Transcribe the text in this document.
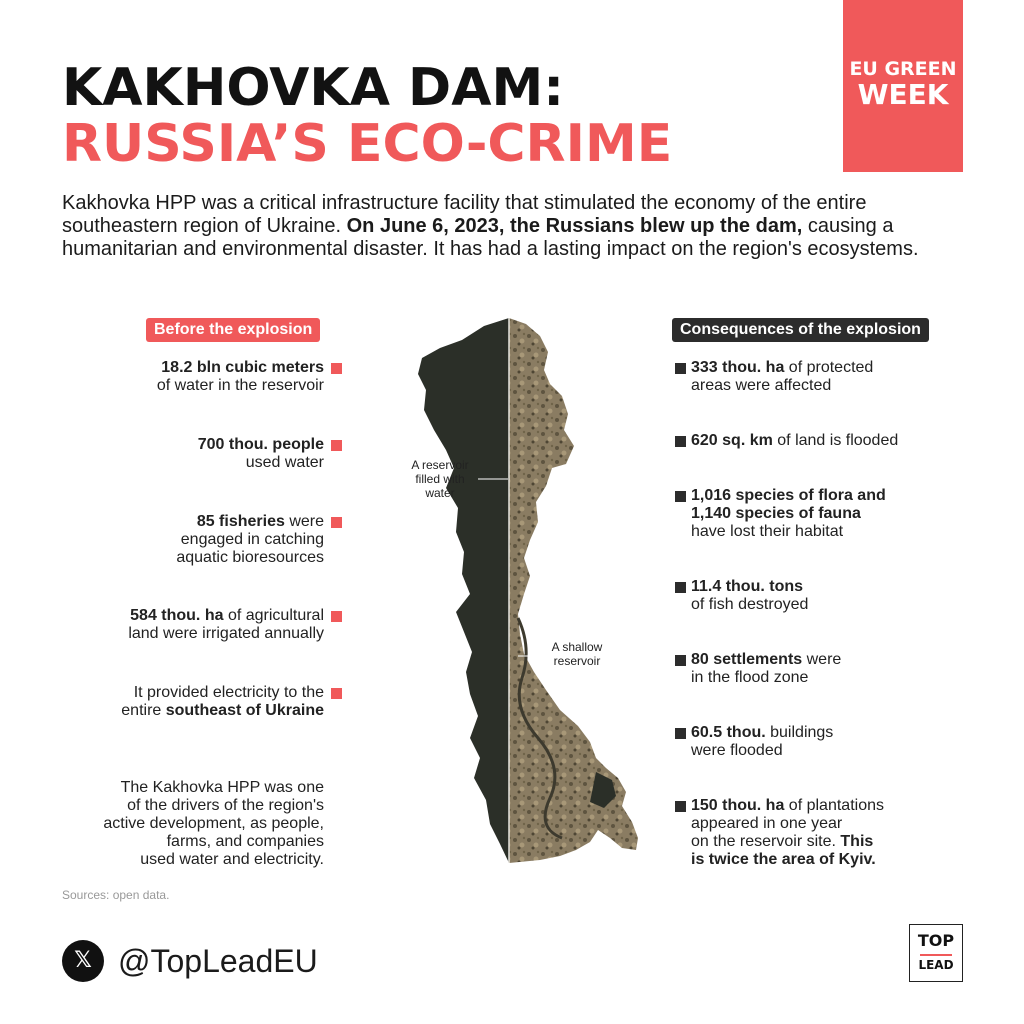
KAKHOVKA DAM:
RUSSIA’S ECO-CRIME
EU GREEN
WEEK
Kakhovka HPP was a critical infrastructure facility that stimulated the economy of the entire southeastern region of Ukraine. On June 6, 2023, the Russians blew up the dam, causing a humanitarian and environmental disaster. It has had a lasting impact on the region's ecosystems.
Before the explosion	Consequences of the explosion
18.2 bln cubic meters
of water in the reservoir
700 thou. people
used water
85 fisheries were
engaged in catching
aquatic bioresources
584 thou. ha of agricultural
land were irrigated annually
It provided electricity to the
entire southeast of Ukraine
The Kakhovka HPP was one
of the drivers of the region's
active development, as people,
farms, and companies
used water and electricity.
A reservoir
filled with
water
A shallow
reservoir
333 thou. ha of protected
areas were affected
620 sq. km of land is flooded
1,016 species of flora and
1,140 species of fauna
have lost their habitat
11.4 thou. tons
of fish destroyed
80 settlements were
in the flood zone
60.5 thou. buildings
were flooded
150 thou. ha of plantations
appeared in one year
on the reservoir site. This
is twice the area of Kyiv.
Sources: open data.
𝕏 @TopLeadEU
TOP
LEAD
